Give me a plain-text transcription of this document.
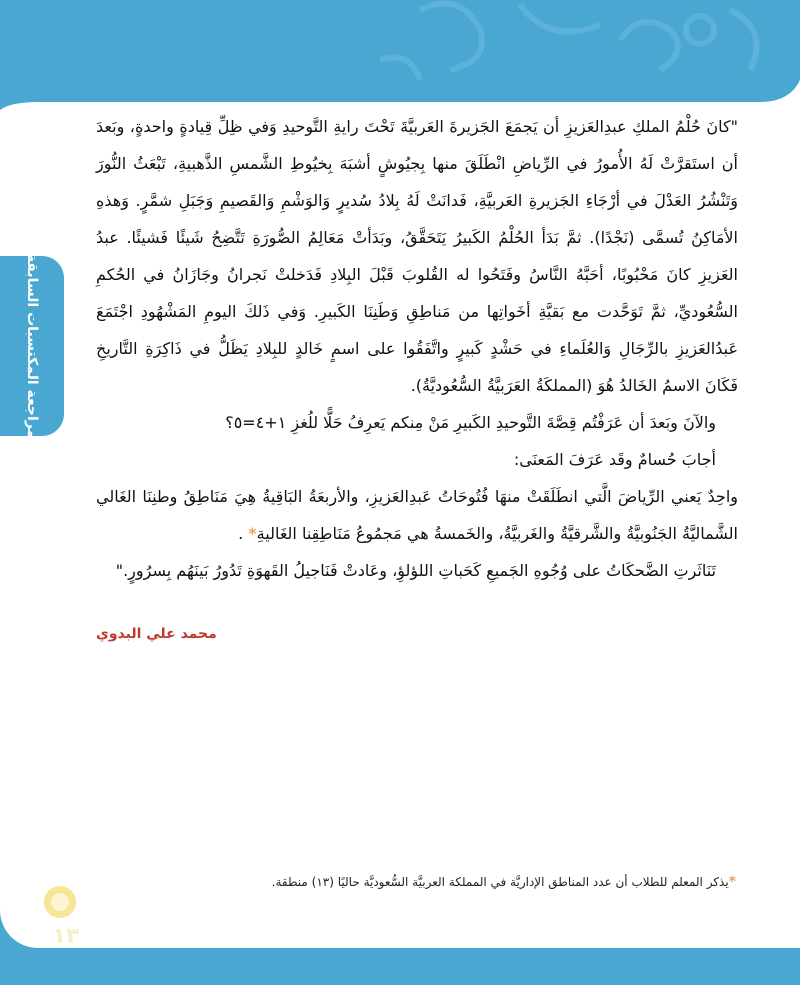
مراجعة المكتسبات السابقة

"كانَ حُلْمُ الملكِ عبدِالعَزيزِ أن يَجمَعَ الجَزيرةَ العَربيَّةَ تَحْتَ رايةِ التَّوحيدِ وَفي ظِلِّ قِيادةٍ واحدةٍ، وبَعدَ أن استَقرَّتْ لَهُ الأُمورُ في الرِّياضِ انْطَلَقَ منها بِجيُوشٍ أشبَهَ بِخيُوطِ الشَّمسِ الذَّهبيةِ، تَبْعَثُ النُّورَ وَتَنْشُرُ العَدْلَ في أرْجَاءِ الجَزيرةِ العَربيَّةِ، فَدانَتْ لَهُ بِلادُ سُديرٍ وَالوَشْمِ وَالقَصيمِ وَجَبَلِ شمَّرٍ. وَهذهِ الأمَاكِنُ تُسمَّى (نَجْدًا). ثمَّ بَدَأ الحُلْمُ الكَبيرُ يَتَحَقَّقُ، وبَدَأتْ مَعَالِمُ الصُّورَةِ تَتَّضِحُ شَيئًا فَشيئًا. عبدُ العَزيزِ كانَ مَحْبُوبًا، أحَبَّهُ النَّاسُ وفَتَحُوا له القُلوبَ قَبْلَ البِلادِ فَدَخلتْ نَجرانُ وجَازَانُ في الحُكمِ السُّعُوديِّ، ثمَّ تَوَحَّدت مع بَقيَّةِ أخَواتِها من مَناطِقِ وَطَنِنَا الكَبيرِ. وَفي ذَلكَ اليومِ المَشْهُودِ اجْتَمَعَ عَبدُالعَزيزِ بالرِّجَالِ وَالعُلَماءِ في حَشْدٍ كَبيرٍ واتَّفَقُوا على اسمٍ خَالدٍ للبِلادِ يَظَلُّ في ذَاكِرَةِ التَّاريخِ فَكَانَ الاسمُ الخَالدُ هُوَ (المملكَةُ العَرَبيَّةُ السُّعُوديَّةُ).

والآنَ وبَعدَ أن عَرَفْتُم قِصَّةَ التَّوحيدِ الكَبيرِ مَنْ مِنكم يَعرِفُ حَلًّا للُغزِ ١+٤=٥؟

أجابَ حُسامٌ وقَد عَرَفَ المَعنَى:

واحِدٌ يَعني الرِّياضَ الَّتي انطَلَقَتْ منهَا فُتُوحَاتُ عَبدِالعَزيزِ، والأربعَةُ البَاقِيةُ هِيَ مَنَاطِقُ وطنِنَا الغَالي الشَّماليَّةُ الجَنُوبيَّةُ والشَّرقيَّةُ والغَربيَّةُ، والخَمسةُ هي مَجمُوعُ مَنَاطِقِنا الغَاليةِ* .

تَنَاثَرتِ الضَّحكَاتُ على وُجُوهِ الجَميعِ كَحَباتِ اللؤلؤِ، وعَادتْ فَنَاجيلُ القَهوَةِ تَدُورُ بَينَهُم بِسرُورٍ."

محمد علي البدوي
*يذكر المعلم للطلاب أن عدد المناطق الإداريَّة في المملكة العربيَّة السُّعوديَّة حاليًا (١٣) منطقة.
١٣
